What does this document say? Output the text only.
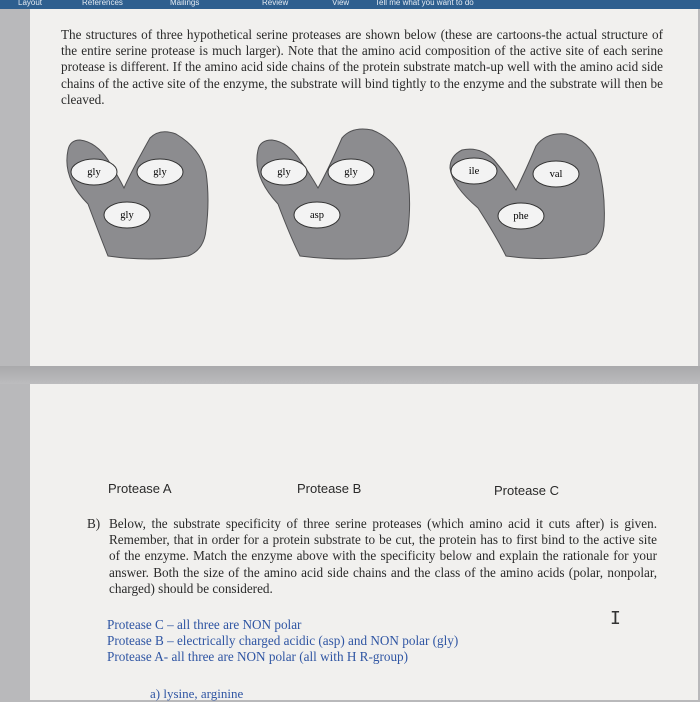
Layout	References	Mailings	Review	View	Tell me what you want to do

The structures of three hypothetical serine proteases are shown below (these are cartoons-the actual structure of the entire serine protease is much larger). Note that the amino acid composition of the active site of each serine protease is different. If the amino acid side chains of the protein substrate match-up well with the amino acid side chains of the active site of the enzyme, the substrate will bind tightly to the enzyme and the substrate will then be cleaved.

gly	gly
gly
gly	gly
asp
ile	val
phe
Protease A	Protease B	Protease C
B) Below, the substrate specificity of three serine proteases (which amino acid it cuts after) is given. Remember, that in order for a protein substrate to be cut, the protein has to first bind to the active site of the enzyme. Match the enzyme above with the specificity below and explain the rationale for your answer. Both the size of the amino acid side chains and the class of the amino acids (polar, nonpolar, charged) should be considered.

I
Protease C – all three are NON polar
Protease B – electrically charged acidic (asp) and NON polar (gly)
Protease A- all three are NON polar (all with H R-group)
a) lysine, arginine
